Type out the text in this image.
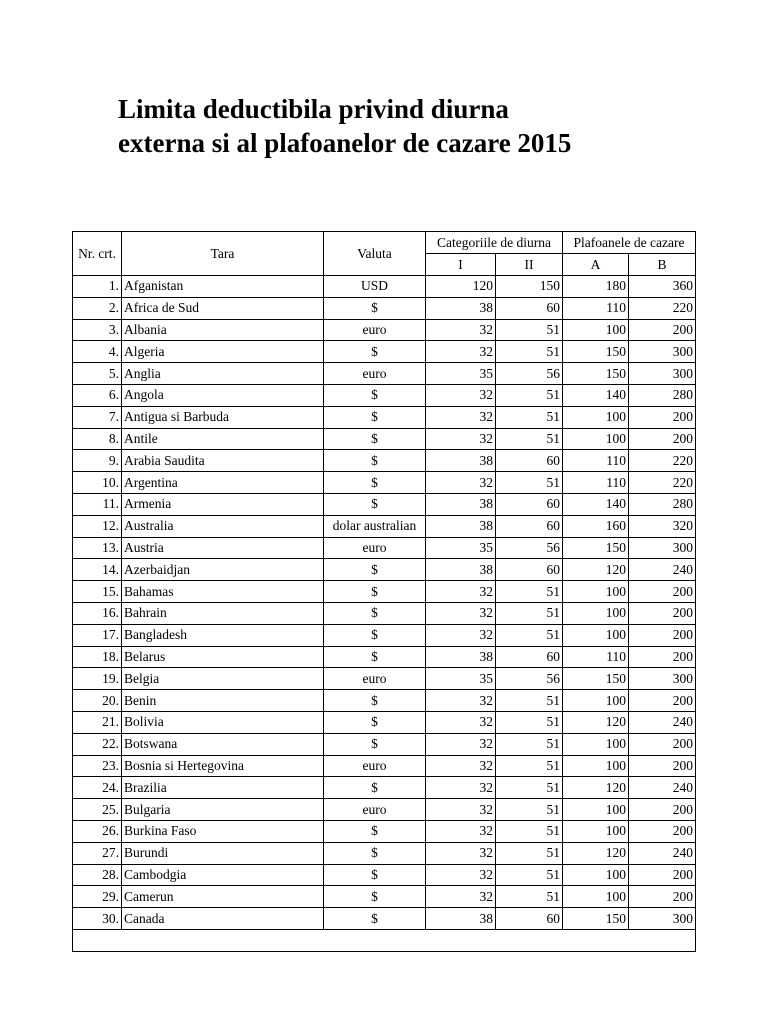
Limita deductibila privind diurna
externa si al plafoanelor de cazare 2015
Nr. crt.	Tara	Valuta	Categoriile de diurna		Plafoanele de cazare	
			I	II	A	B
1.	Afganistan	USD	120	150	180	360
2.	Africa de Sud	$	38	60	110	220
3.	Albania	euro	32	51	100	200
4.	Algeria	$	32	51	150	300
5.	Anglia	euro	35	56	150	300
6.	Angola	$	32	51	140	280
7.	Antigua si Barbuda	$	32	51	100	200
8.	Antile	$	32	51	100	200
9.	Arabia Saudita	$	38	60	110	220
10.	Argentina	$	32	51	110	220
11.	Armenia	$	38	60	140	280
12.	Australia	dolar australian	38	60	160	320
13.	Austria	euro	35	56	150	300
14.	Azerbaidjan	$	38	60	120	240
15.	Bahamas	$	32	51	100	200
16.	Bahrain	$	32	51	100	200
17.	Bangladesh	$	32	51	100	200
18.	Belarus	$	38	60	110	200
19.	Belgia	euro	35	56	150	300
20.	Benin	$	32	51	100	200
21.	Bolivia	$	32	51	120	240
22.	Botswana	$	32	51	100	200
23.	Bosnia si Hertegovina	euro	32	51	100	200
24.	Brazilia	$	32	51	120	240
25.	Bulgaria	euro	32	51	100	200
26.	Burkina Faso	$	32	51	100	200
27.	Burundi	$	32	51	120	240
28.	Cambodgia	$	32	51	100	200
29.	Camerun	$	32	51	100	200
30.	Canada	$	38	60	150	300
